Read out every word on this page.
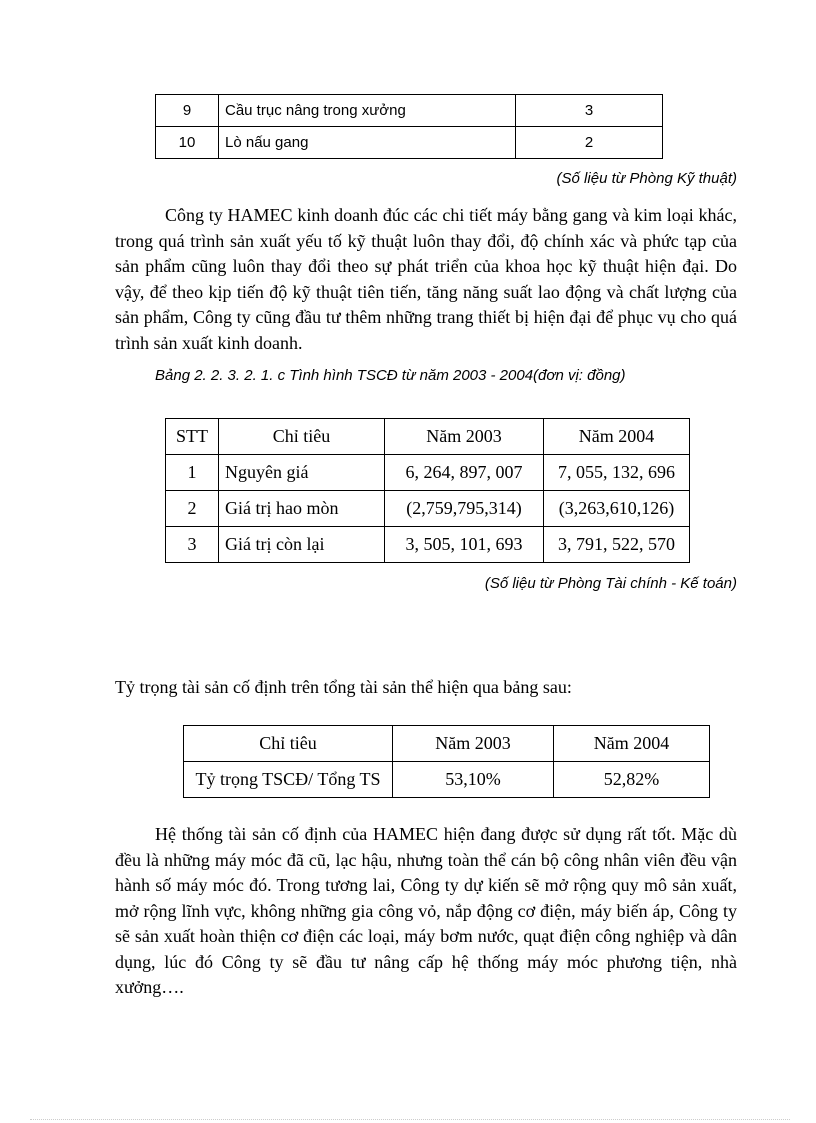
9	Cầu trục nâng trong xưởng	3
10	Lò nấu gang	2
(Số liệu từ Phòng Kỹ thuật)

Công ty HAMEC kinh doanh đúc các chi tiết máy bằng gang và kim loại khác, trong quá trình sản xuất yếu tố kỹ thuật luôn thay đổi, độ chính xác và phức tạp của sản phẩm cũng luôn thay đổi theo sự phát triển của khoa học kỹ thuật hiện đại. Do vậy, để theo kịp tiến độ kỹ thuật tiên tiến, tăng năng suất lao động và chất lượng của sản phẩm, Công ty cũng đầu tư thêm những trang thiết bị hiện đại để phục vụ cho quá trình sản xuất kinh doanh.

Bảng 2. 2. 3. 2. 1. c Tình hình TSCĐ từ năm 2003 - 2004(đơn vị: đồng)
STT	Chỉ tiêu	Năm 2003	Năm 2004
1	Nguyên giá	6, 264, 897, 007	7, 055, 132, 696
2	Giá trị hao mòn	(2,759,795,314)	(3,263,610,126)
3	Giá trị còn lại	3, 505, 101, 693	3, 791, 522, 570
(Số liệu từ Phòng Tài chính - Kế toán)

Tỷ trọng tài sản cố định trên tổng tài sản thể hiện qua bảng sau:

Chỉ tiêu	Năm 2003	Năm 2004
Tỷ trọng TSCĐ/ Tổng TS	53,10%	52,82%

Hệ thống tài sản cố định của HAMEC hiện đang được sử dụng rất tốt. Mặc dù đều là những máy móc đã cũ, lạc hậu, nhưng toàn thể cán bộ công nhân viên đều vận hành số máy móc đó. Trong tương lai, Công ty dự kiến sẽ mở rộng quy mô sản xuất, mở rộng lĩnh vực, không những gia công vỏ, nắp động cơ điện, máy biến áp, Công ty sẽ sản xuất hoàn thiện cơ điện các loại, máy bơm nước, quạt điện công nghiệp và dân dụng, lúc đó Công ty sẽ đầu tư nâng cấp hệ thống máy móc phương tiện, nhà xưởng….
